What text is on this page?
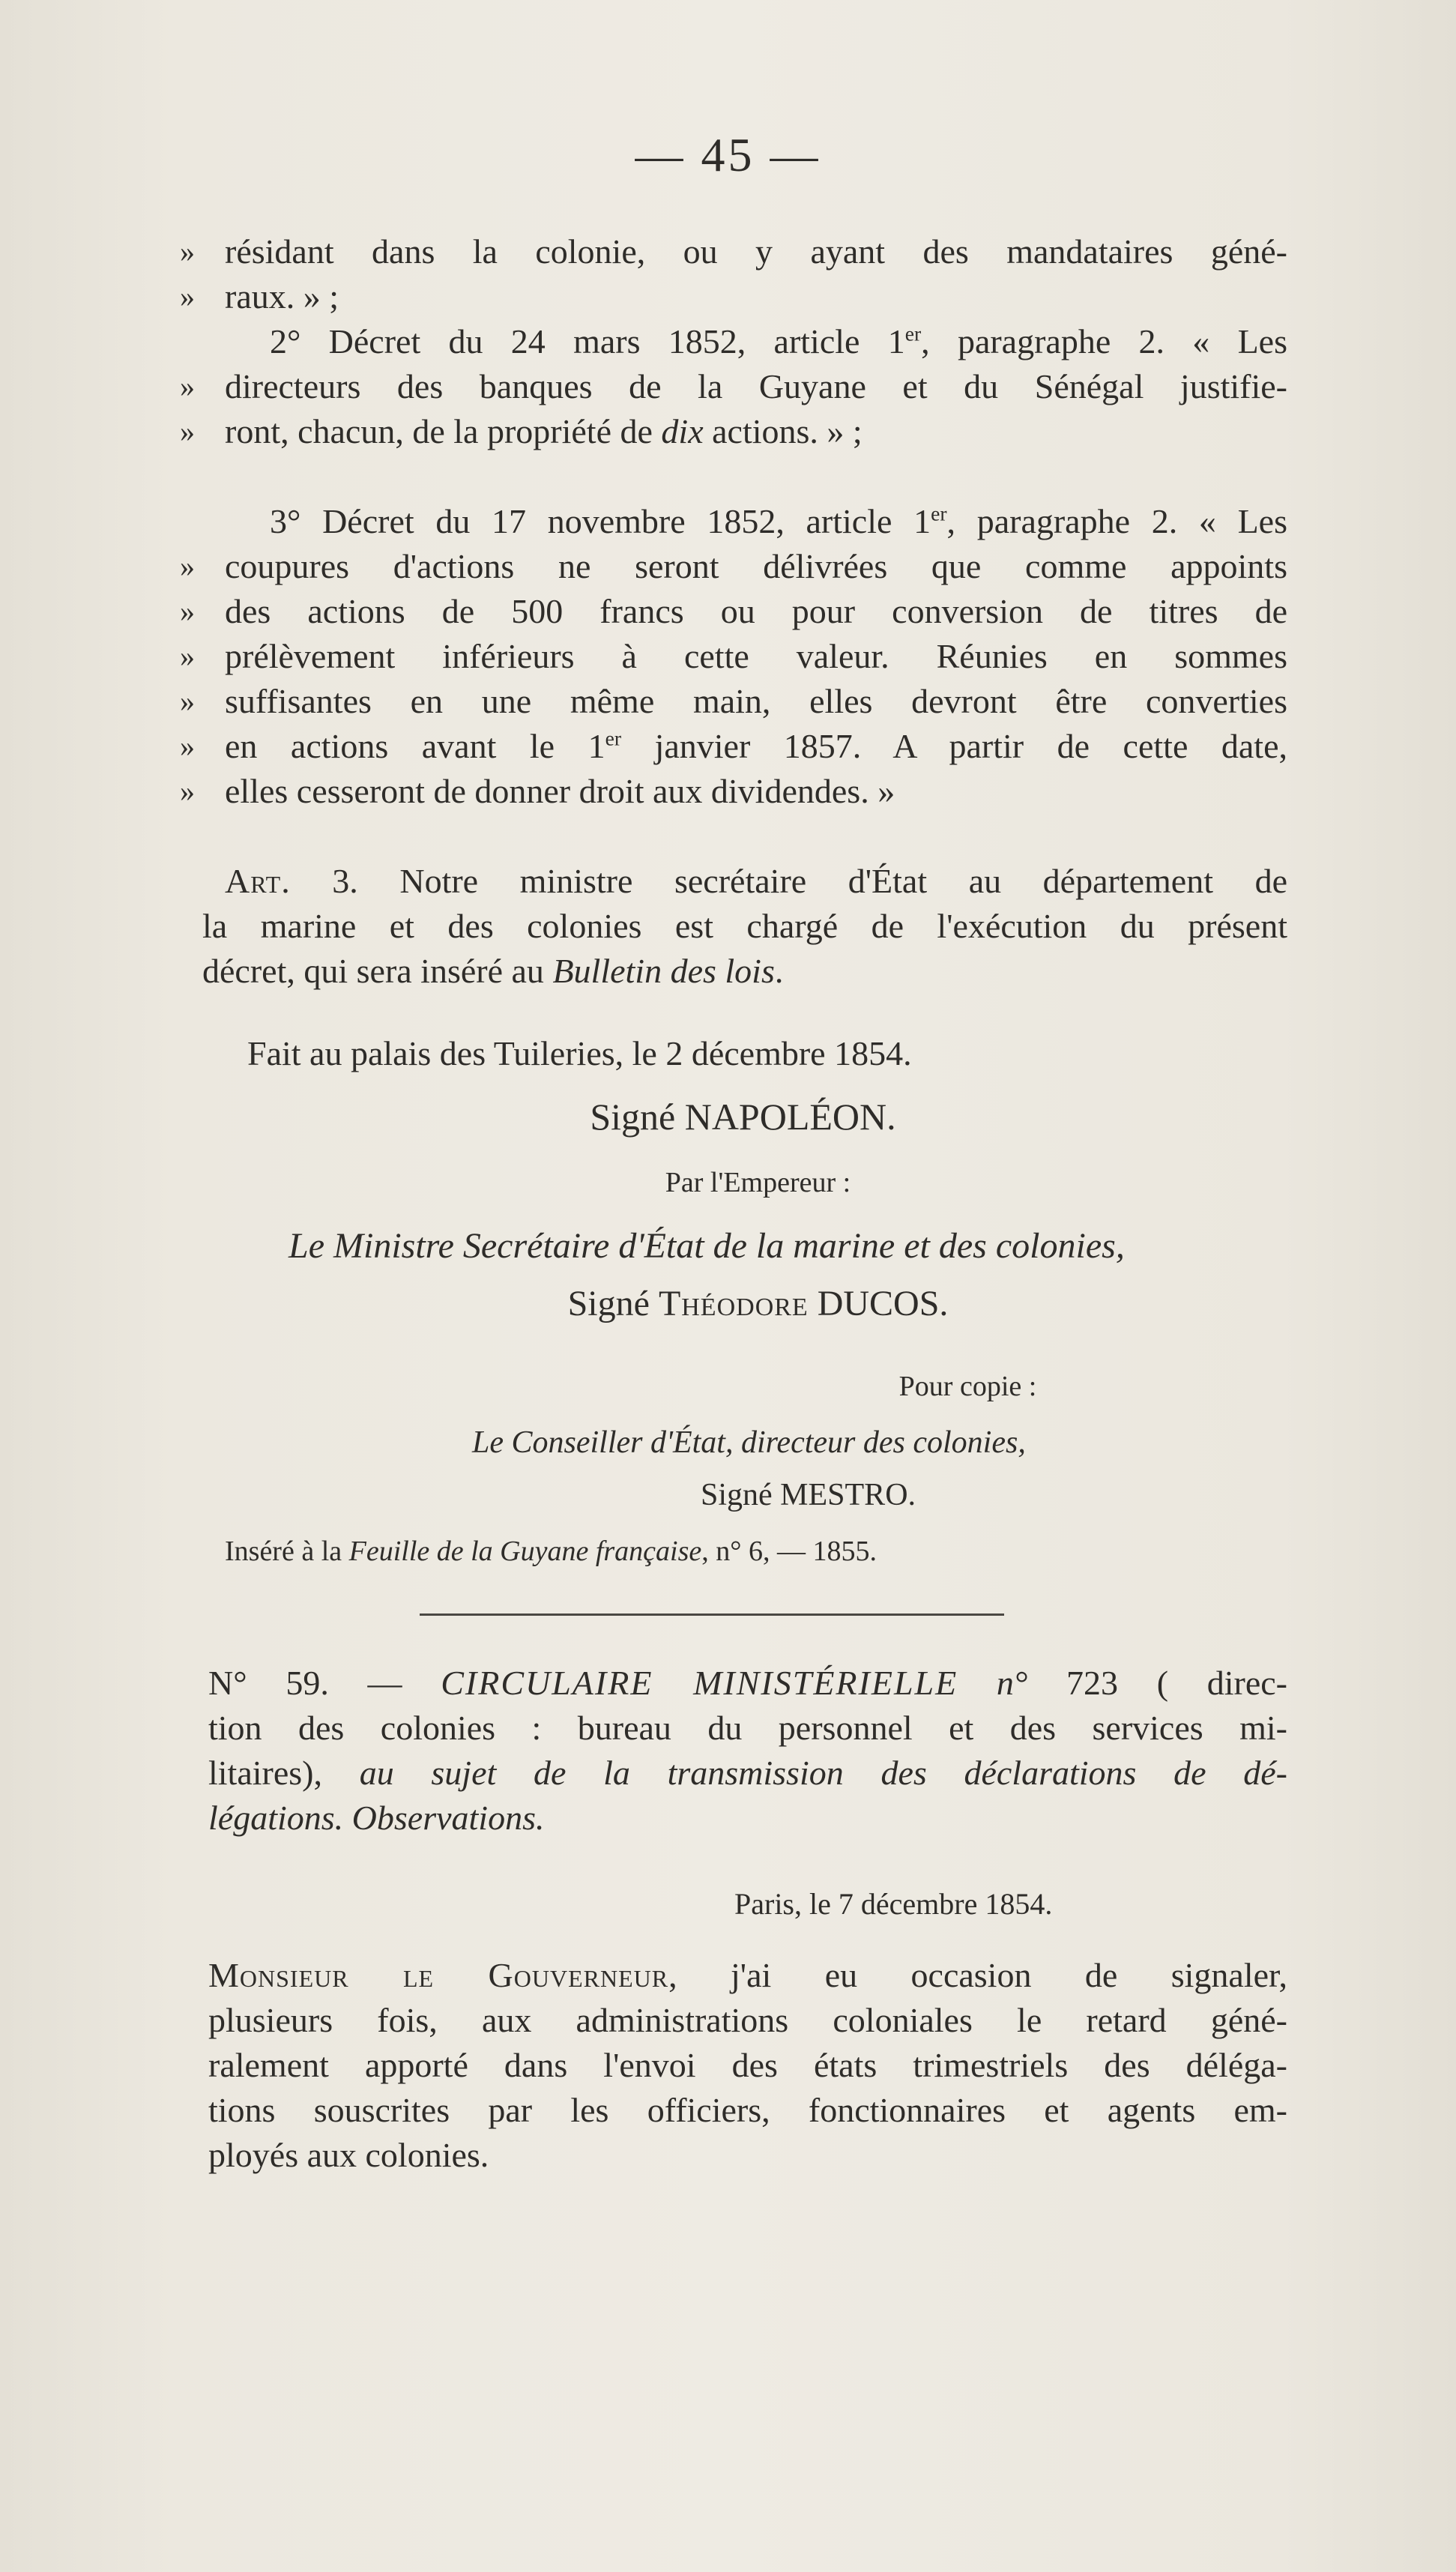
— 45 —
» résidant dans la colonie, ou y ayant des mandataires géné-
» raux. » ;
2° Décret du 24 mars 1852, article 1er, paragraphe 2. « Les
» directeurs des banques de la Guyane et du Sénégal justifie-
» ront, chacun, de la propriété de dix actions. » ;
3° Décret du 17 novembre 1852, article 1er, paragraphe 2. « Les
» coupures d'actions ne seront délivrées que comme appoints
» des actions de 500 francs ou pour conversion de titres de
» prélèvement inférieurs à cette valeur. Réunies en sommes
» suffisantes en une même main, elles devront être converties
» en actions avant le 1er janvier 1857. A partir de cette date,
» elles cesseront de donner droit aux dividendes. »
Art. 3. Notre ministre secrétaire d'État au département de
la marine et des colonies est chargé de l'exécution du présent
décret, qui sera inséré au Bulletin des lois.
Fait au palais des Tuileries, le 2 décembre 1854.
Signé NAPOLÉON.
Par l'Empereur :
Le Ministre Secrétaire d'État de la marine et des colonies,
Signé Théodore DUCOS.
Pour copie :
Le Conseiller d'État, directeur des colonies,
Signé MESTRO.
Inséré à la Feuille de la Guyane française, n° 6, — 1855.
N° 59. — CIRCULAIRE MINISTÉRIELLE n° 723 ( direc-
tion des colonies : bureau du personnel et des services mi-
litaires), au sujet de la transmission des déclarations de dé-
légations. Observations.
Paris, le 7 décembre 1854.
Monsieur le Gouverneur, j'ai eu occasion de signaler,
plusieurs fois, aux administrations coloniales le retard géné-
ralement apporté dans l'envoi des états trimestriels des déléga-
tions souscrites par les officiers, fonctionnaires et agents em-
ployés aux colonies.
